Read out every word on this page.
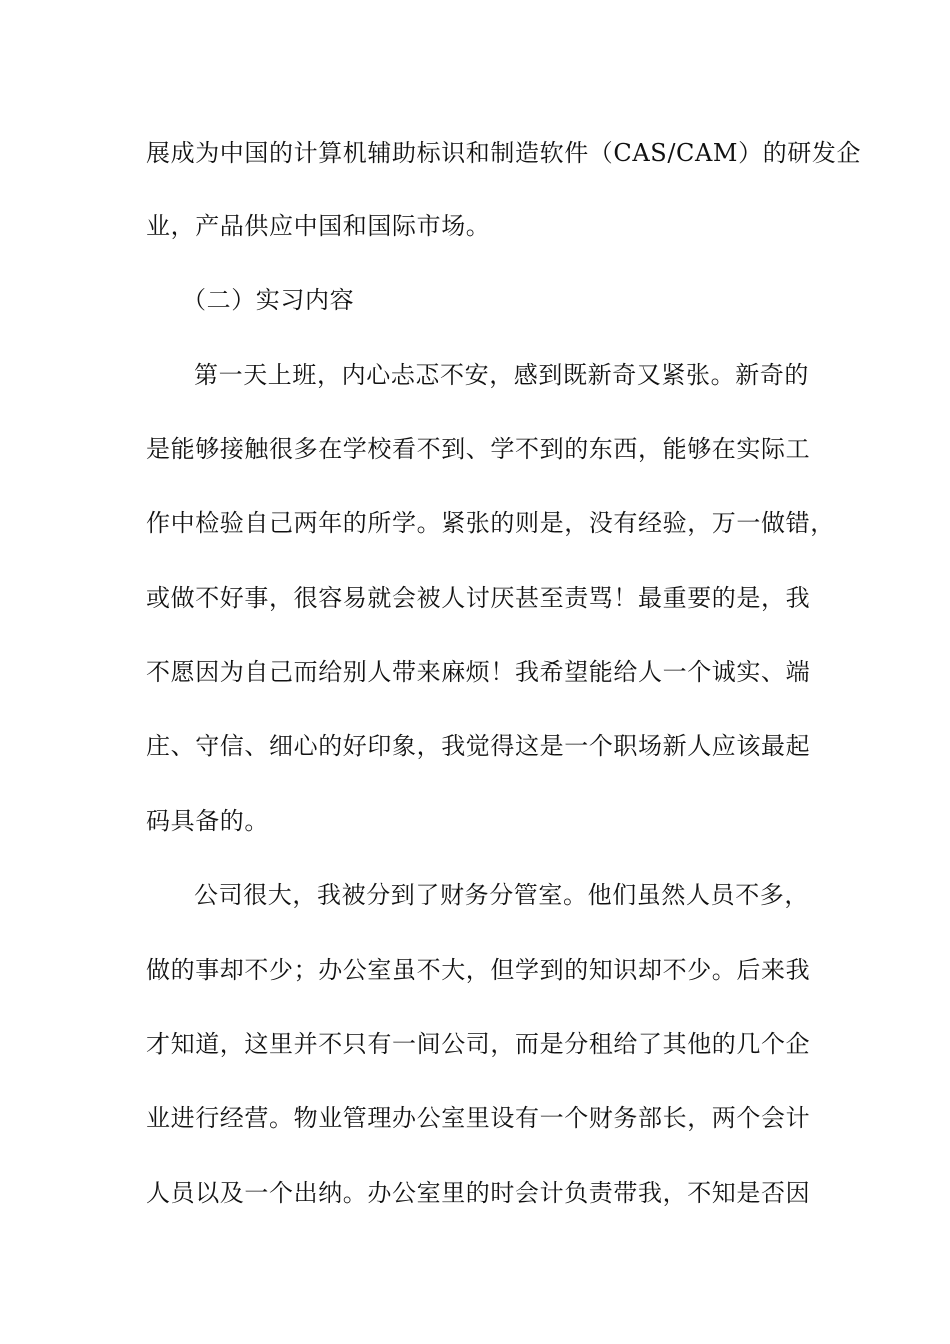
展成为中国的计算机辅助标识和制造软件（CAS/CAM）的研发企
业，产品供应中国和国际市场。
（二）实习内容
第一天上班，内心忐忑不安，感到既新奇又紧张。新奇的
是能够接触很多在学校看不到、学不到的东西，能够在实际工
作中检验自己两年的所学。紧张的则是，没有经验，万一做错，
或做不好事，很容易就会被人讨厌甚至责骂！最重要的是，我
不愿因为自己而给别人带来麻烦！我希望能给人一个诚实、端
庄、守信、细心的好印象，我觉得这是一个职场新人应该最起
码具备的。
公司很大，我被分到了财务分管室。他们虽然人员不多，
做的事却不少；办公室虽不大，但学到的知识却不少。后来我
才知道，这里并不只有一间公司，而是分租给了其他的几个企
业进行经营。物业管理办公室里设有一个财务部长，两个会计
人员以及一个出纳。办公室里的时会计负责带我，不知是否因
